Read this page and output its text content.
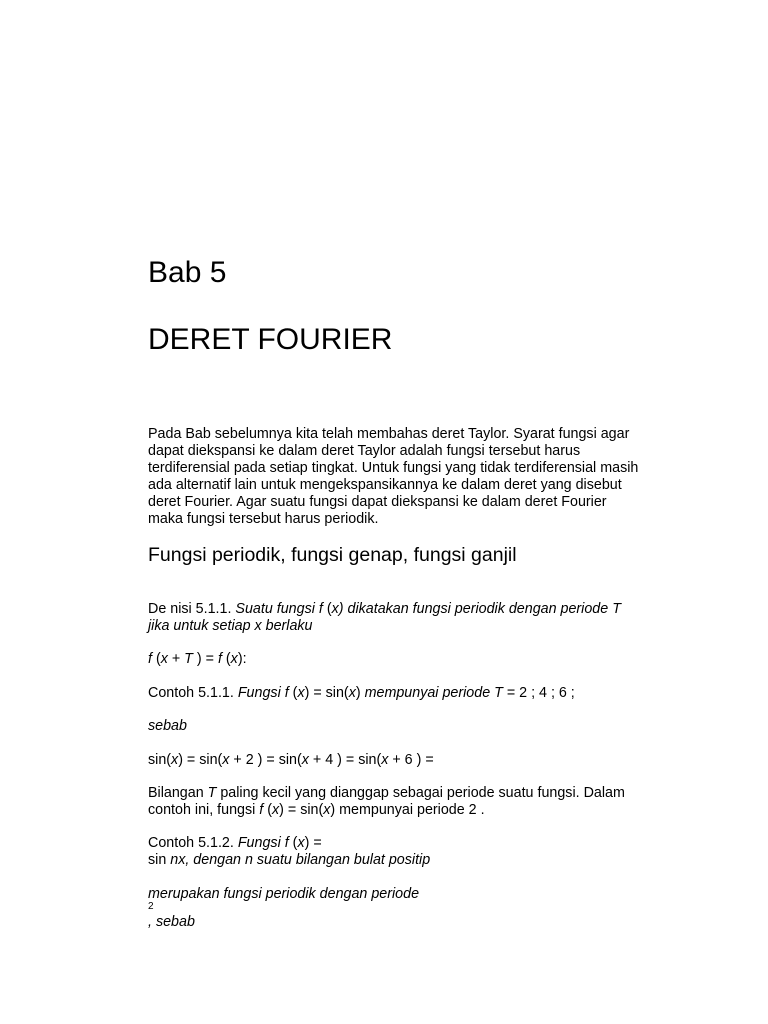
Bab 5
DERET FOURIER
Pada Bab sebelumnya kita telah membahas deret Taylor. Syarat fungsi agar
dapat diekspansi ke dalam deret Taylor adalah fungsi tersebut harus
terdiferensial pada setiap tingkat. Untuk fungsi yang tidak terdiferensial masih
ada alternatif lain untuk mengekspansikannya ke dalam deret yang disebut
deret Fourier. Agar suatu fungsi dapat diekspansi ke dalam deret Fourier
maka fungsi tersebut harus periodik.
Fungsi periodik, fungsi genap, fungsi ganjil
De nisi 5.1.1. Suatu fungsi f (x) dikatakan fungsi periodik dengan periode T
jika untuk setiap x berlaku
f (x + T ) = f (x):
Contoh 5.1.1. Fungsi f (x) = sin(x) mempunyai periode T = 2 ; 4 ; 6 ;
sebab
sin(x) = sin(x + 2 ) = sin(x + 4 ) = sin(x + 6 ) =
Bilangan T paling kecil yang dianggap sebagai periode suatu fungsi. Dalam
contoh ini, fungsi f (x) = sin(x) mempunyai periode 2 .
Contoh 5.1.2. Fungsi f (x) =
sin nx, dengan n suatu bilangan bulat positip
merupakan fungsi periodik dengan periode
2
, sebab
